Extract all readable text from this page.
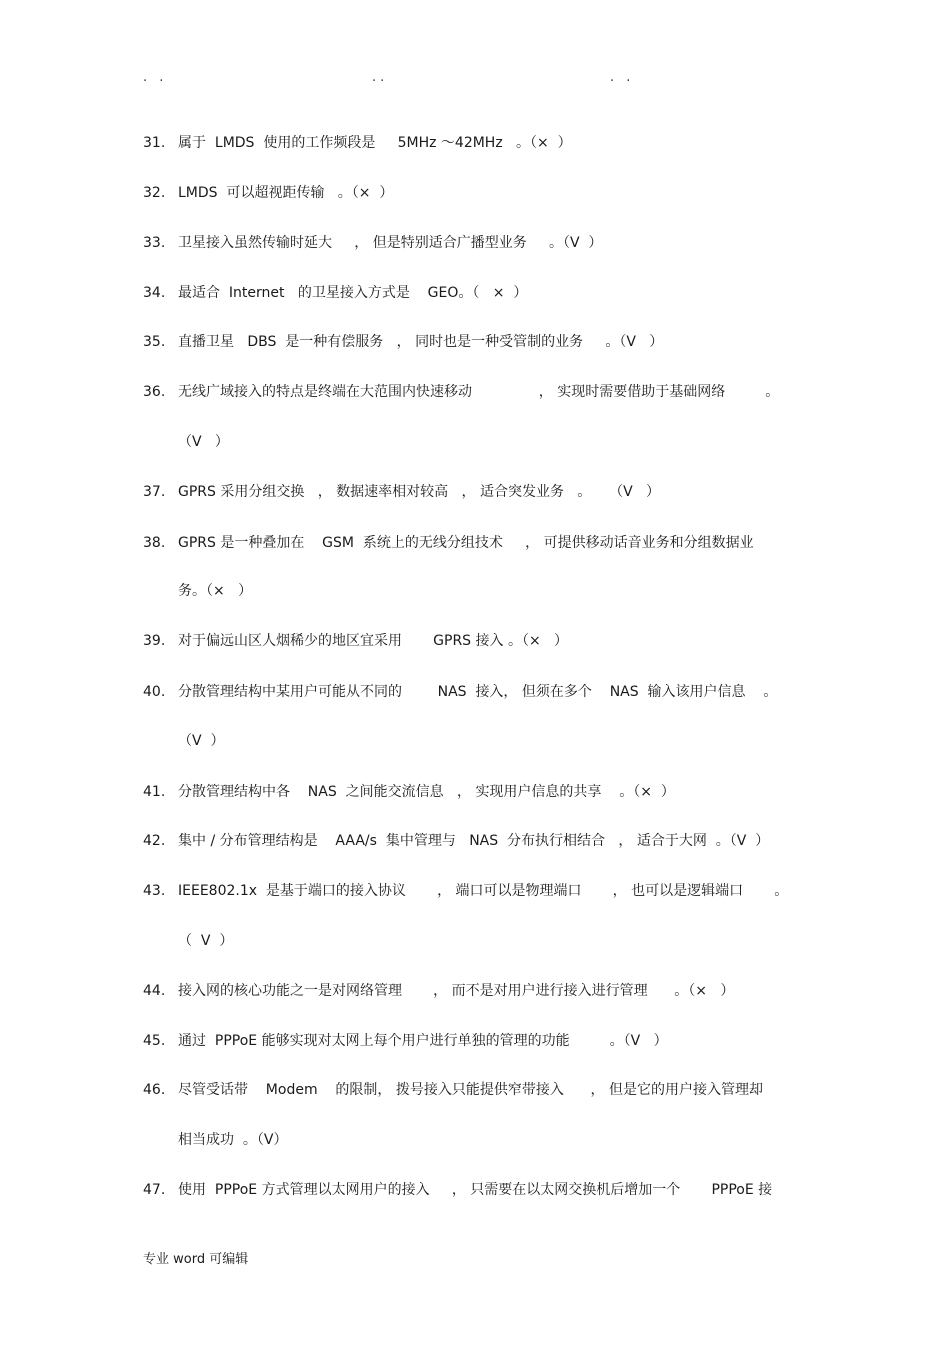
. .	..	. .
31. 属于  LMDS  使用的工作频段是     5MHz ～42MHz   。（×  ）
32. LMDS  可以超视距传输   。（×  ）
33. 卫星接入虽然传输时延大     ， 但是特别适合广播型业务     。（V  ）
34. 最适合  Internet   的卫星接入方式是    GEO。（   ×  ）
35. 直播卫星   DBS  是一种有偿服务   ， 同时也是一种受管制的业务     。（V   ）
36. 无线广域接入的特点是终端在大范围内快速移动               ， 实现时需要借助于基础网络         。
（V   ）
37. GPRS 采用分组交换   ， 数据速率相对较高   ， 适合突发业务   。    （V   ）
38. GPRS 是一种叠加在    GSM  系统上的无线分组技术     ， 可提供移动话音业务和分组数据业
务。（×   ）
39. 对于偏远山区人烟稀少的地区宜采用       GPRS 接入 。（×   ）
40. 分散管理结构中某用户可能从不同的        NAS  接入， 但须在多个    NAS  输入该用户信息    。
（V  ）
41. 分散管理结构中各    NAS  之间能交流信息   ， 实现用户信息的共享    。（×  ）
42. 集中 / 分布管理结构是    AAA/s  集中管理与   NAS  分布执行相结合   ， 适合于大网  。（V  ）
43. IEEE802.1x  是基于端口的接入协议       ， 端口可以是物理端口       ， 也可以是逻辑端口       。
（  V  ）
44. 接入网的核心功能之一是对网络管理       ， 而不是对用户进行接入进行管理      。（×   ）
45. 通过  PPPoE 能够实现对太网上每个用户进行单独的管理的功能         。（V   ）
46. 尽管受话带    Modem    的限制， 拨号接入只能提供窄带接入      ， 但是它的用户接入管理却
相当成功  。（V）
47. 使用  PPPoE 方式管理以太网用户的接入     ， 只需要在以太网交换机后增加一个       PPPoE 接
专业 word 可编辑
